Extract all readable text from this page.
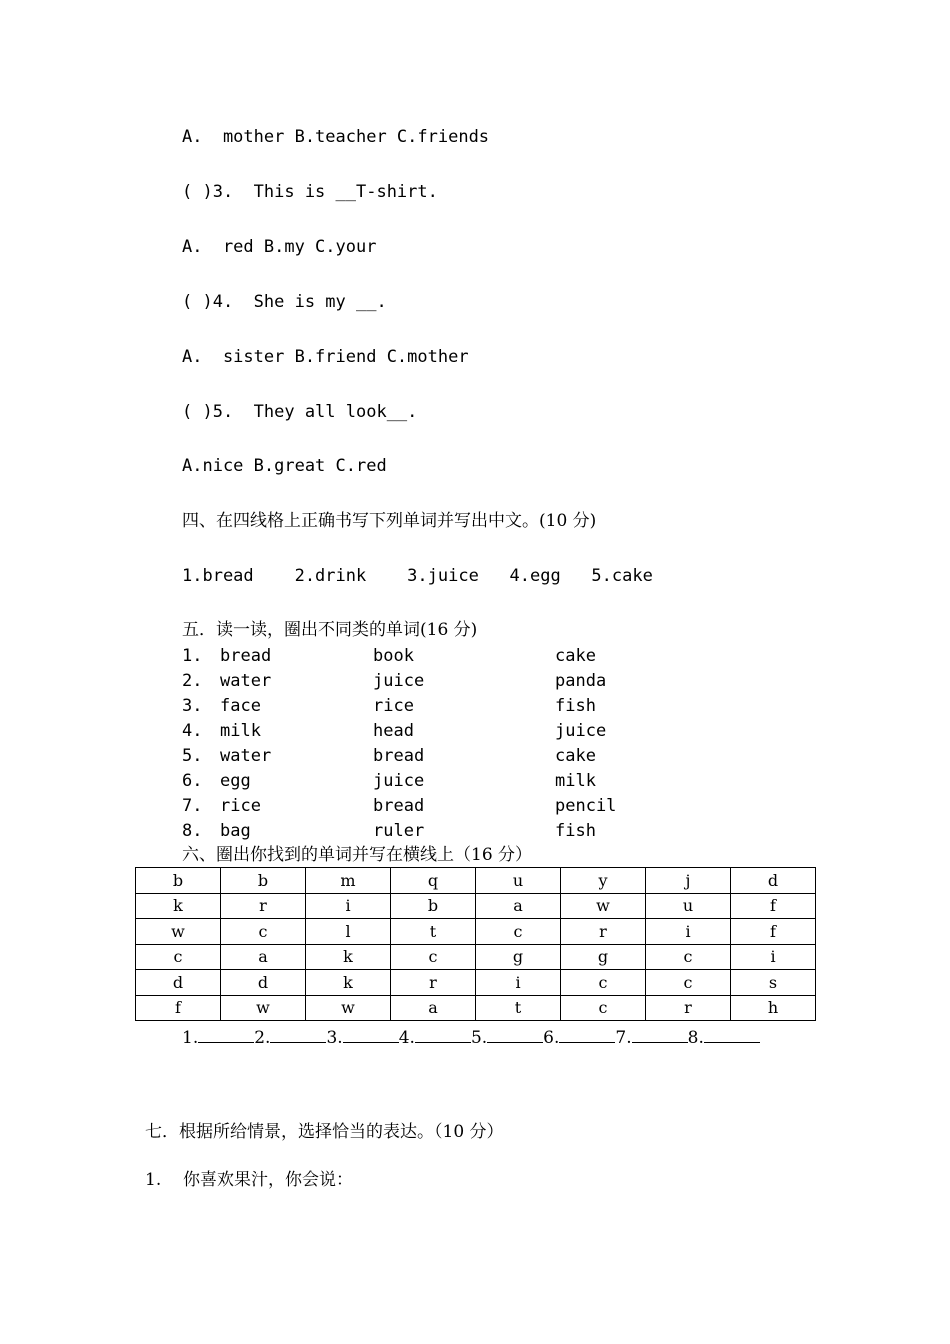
A.  mother B.teacher C.friends
( )3.  This is __T-shirt.
A.  red B.my C.your
( )4.  She is my __.
A.  sister B.friend C.mother
( )5.  They all look__.
A.nice B.great C.red
四、在四线格上正确书写下列单词并写出中文。(10 分)
1.bread    2.drink    3.juice   4.egg   5.cake
五．读一读，圈出不同类的单词(16 分)
1. bread	book	cake
2. water	juice	panda
3. face	rice	fish
4. milk	head	juice
5. water	bread	cake
6. egg	juice	milk
7. rice	bread	pencil
8. bag	ruler	fish
六、圈出你找到的单词并写在横线上（16 分）
b	b	m	q	u	y	j	d
k	r	i	b	a	w	u	f
w	c	l	t	c	r	i	f
c	a	k	c	g	g	c	i
d	d	k	r	i	c	c	s
f	w	w	a	t	c	r	h
1.	2.	3.	4.	5.	6.	7.	8.
七．根据所给情景，选择恰当的表达。（10 分）
1. 你喜欢果汁，你会说：
